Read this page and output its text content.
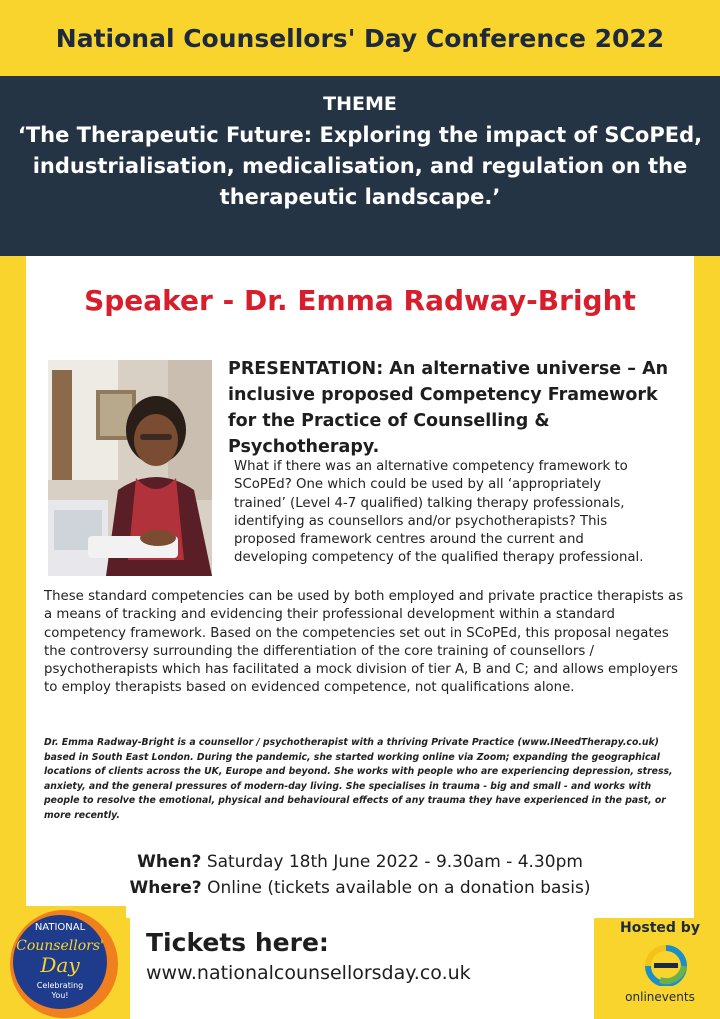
National Counsellors' Day Conference 2022
THEME
‘The Therapeutic Future: Exploring the impact of SCoPEd, industrialisation, medicalisation, and regulation on the therapeutic landscape.’
Speaker - Dr. Emma Radway-Bright
PRESENTATION: An alternative universe – An inclusive proposed Competency Framework for the Practice of Counselling & Psychotherapy.
What if there was an alternative competency framework to SCoPEd? One which could be used by all ‘appropriately trained’ (Level 4-7 qualified) talking therapy professionals, identifying as counsellors and/or psychotherapists? This proposed framework centres around the current and developing competency of the qualified therapy professional.
These standard competencies can be used by both employed and private practice therapists as a means of tracking and evidencing their professional development within a standard competency framework. Based on the competencies set out in SCoPEd, this proposal negates the controversy surrounding the differentiation of the core training of counsellors / psychotherapists which has facilitated a mock division of tier A, B and C; and allows employers to employ therapists based on evidenced competence, not qualifications alone.
Dr. Emma Radway-Bright is a counsellor / psychotherapist with a thriving Private Practice (www.INeedTherapy.co.uk) based in South East London. During the pandemic, she started working online via Zoom; expanding the geographical locations of clients across the UK, Europe and beyond. She works with people who are experiencing depression, stress, anxiety, and the general pressures of modern-day living. She specialises in trauma - big and small - and works with people to resolve the emotional, physical and behavioural effects of any trauma they have experienced in the past, or more recently.
When? Saturday 18th June 2022 - 9.30am - 4.30pm
Where? Online (tickets available on a donation basis)
Tickets here:
www.nationalcounsellorsday.co.uk
NATIONAL
Counsellors'
Day
Celebrating
You!
Hosted by
onlinevents
